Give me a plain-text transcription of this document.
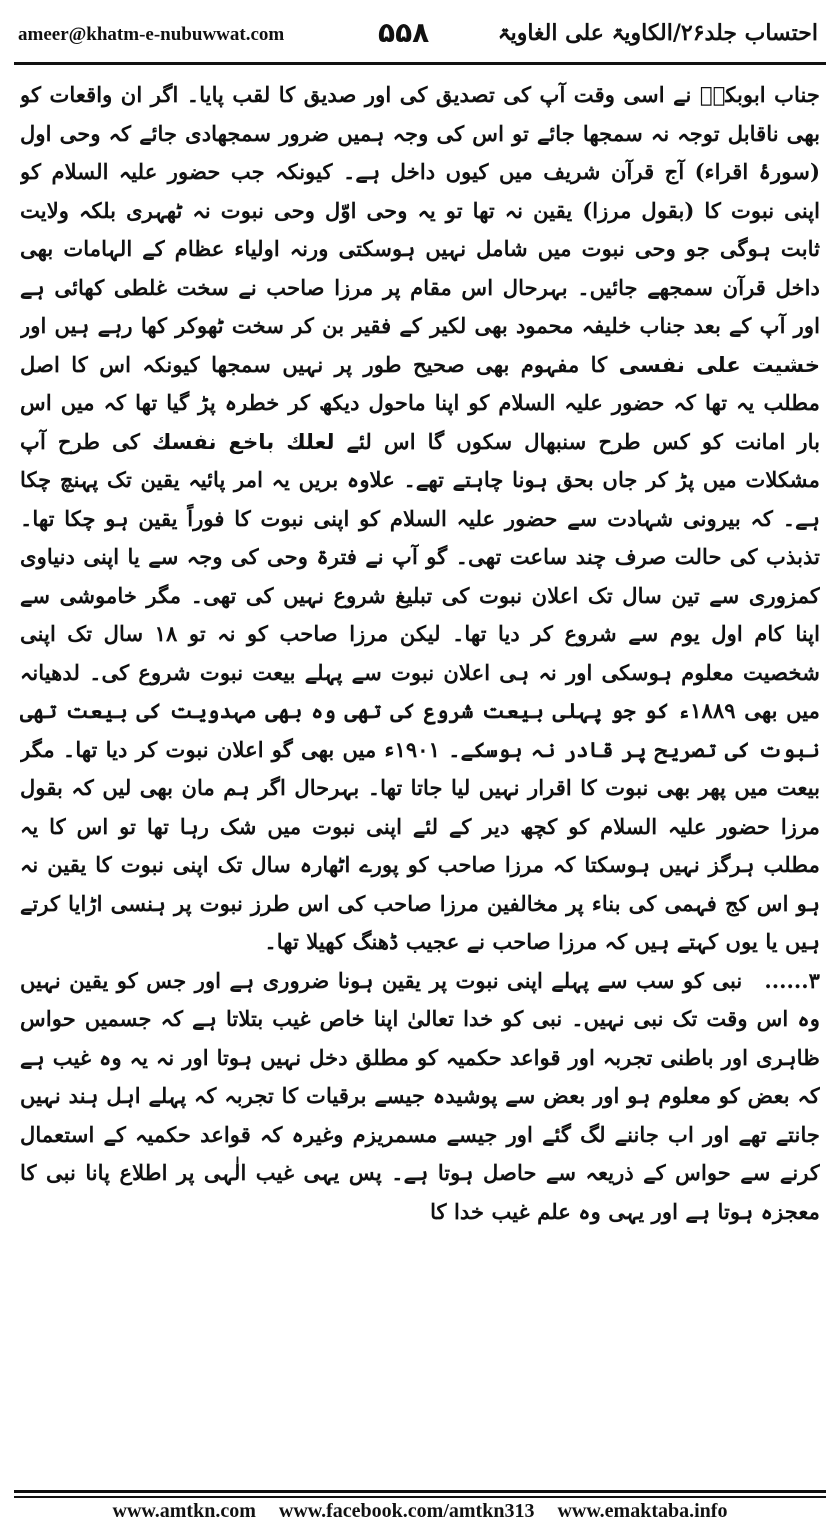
ameer@khatm-e-nubuwwat.com	۵۵۸	احتساب جلد۲۶/الکاویۃ علی الغاویۃ

جناب ابوبکرؓ نے اسی وقت آپ کی تصدیق کی اور صدیق کا لقب پایا۔ اگر ان واقعات کو بھی ناقابل توجہ نہ سمجھا جائے تو اس کی وجہ ہمیں ضرور سمجھادی جائے کہ وحی اول (سورۂ اقراء) آج قرآن شریف میں کیوں داخل ہے۔ کیونکہ جب حضور علیہ السلام کو اپنی نبوت کا (بقول مرزا) یقین نہ تھا تو یہ وحی اوّل وحی نبوت نہ ٹھہری بلکہ ولایت ثابت ہوگی جو وحی نبوت میں شامل نہیں ہوسکتی ورنہ اولیاء عظام کے الہامات بھی داخل قرآن سمجھے جائیں۔ بہرحال اس مقام پر مرزا صاحب نے سخت غلطی کھائی ہے اور آپ کے بعد جناب خلیفہ محمود بھی لکیر کے فقیر بن کر سخت ٹھوکر کھا رہے ہیں اور خشیت علی نفسی کا مفہوم بھی صحیح طور پر نہیں سمجھا کیونکہ اس کا اصل مطلب یہ تھا کہ حضور علیہ السلام کو اپنا ماحول دیکھ کر خطرہ پڑ گیا تھا کہ میں اس بار امانت کو کس طرح سنبھال سکوں گا اس لئے لعلك باخع نفسك کی طرح آپ مشکلات میں پڑ کر جاں بحق ہونا چاہتے تھے۔ علاوہ بریں یہ امر پائیہ یقین تک پہنچ چکا ہے۔ کہ بیرونی شہادت سے حضور علیہ السلام کو اپنی نبوت کا فوراً یقین ہو چکا تھا۔ تذبذب کی حالت صرف چند ساعت تھی۔ گو آپ نے فترۃ وحی کی وجہ سے یا اپنی دنیاوی کمزوری سے تین سال تک اعلان نبوت کی تبلیغ شروع نہیں کی تھی۔ مگر خاموشی سے اپنا کام اول یوم سے شروع کر دیا تھا۔ لیکن مرزا صاحب کو نہ تو ۱۸ سال تک اپنی شخصیت معلوم ہوسکی اور نہ ہی اعلان نبوت سے پہلے بیعت نبوت شروع کی۔ لدھیانہ میں بھی ۱۸۸۹ء کو جو پہلی بیعت شروع کی تھی وہ بھی مہدویت کی بیعت تھی نبوت کی تصریح پر قادر نہ ہوسکے۔ ۱۹۰۱ء میں بھی گو اعلان نبوت کر دیا تھا۔ مگر بیعت میں پھر بھی نبوت کا اقرار نہیں لیا جاتا تھا۔ بہرحال اگر ہم مان بھی لیں کہ بقول مرزا حضور علیہ السلام کو کچھ دیر کے لئے اپنی نبوت میں شک رہا تھا تو اس کا یہ مطلب ہرگز نہیں ہوسکتا کہ مرزا صاحب کو پورے اٹھارہ سال تک اپنی نبوت کا یقین نہ ہو اس کج فہمی کی بناء پر مخالفین مرزا صاحب کی اس طرز نبوت پر ہنسی اڑایا کرتے ہیں یا یوں کہتے ہیں کہ مرزا صاحب نے عجیب ڈھنگ کھیلا تھا۔

۳......نبی کو سب سے پہلے اپنی نبوت پر یقین ہونا ضروری ہے اور جس کو یقین نہیں وہ اس وقت تک نبی نہیں۔ نبی کو خدا تعالیٰ اپنا خاص غیب بتلاتا ہے کہ جسمیں حواس ظاہری اور باطنی تجربہ اور قواعد حکمیہ کو مطلق دخل نہیں ہوتا اور نہ یہ وہ غیب ہے کہ بعض کو معلوم ہو اور بعض سے پوشیدہ جیسے برقیات کا تجربہ کہ پہلے اہل ہند نہیں جانتے تھے اور اب جاننے لگ گئے اور جیسے مسمریزم وغیرہ کہ قواعد حکمیہ کے استعمال کرنے سے حواس کے ذریعہ سے حاصل ہوتا ہے۔ پس یہی غیب الٰہی پر اطلاع پانا نبی کا معجزہ ہوتا ہے اور یہی وہ علم غیب خدا کا

www.amtkn.com www.facebook.com/amtkn313 www.emaktaba.info
